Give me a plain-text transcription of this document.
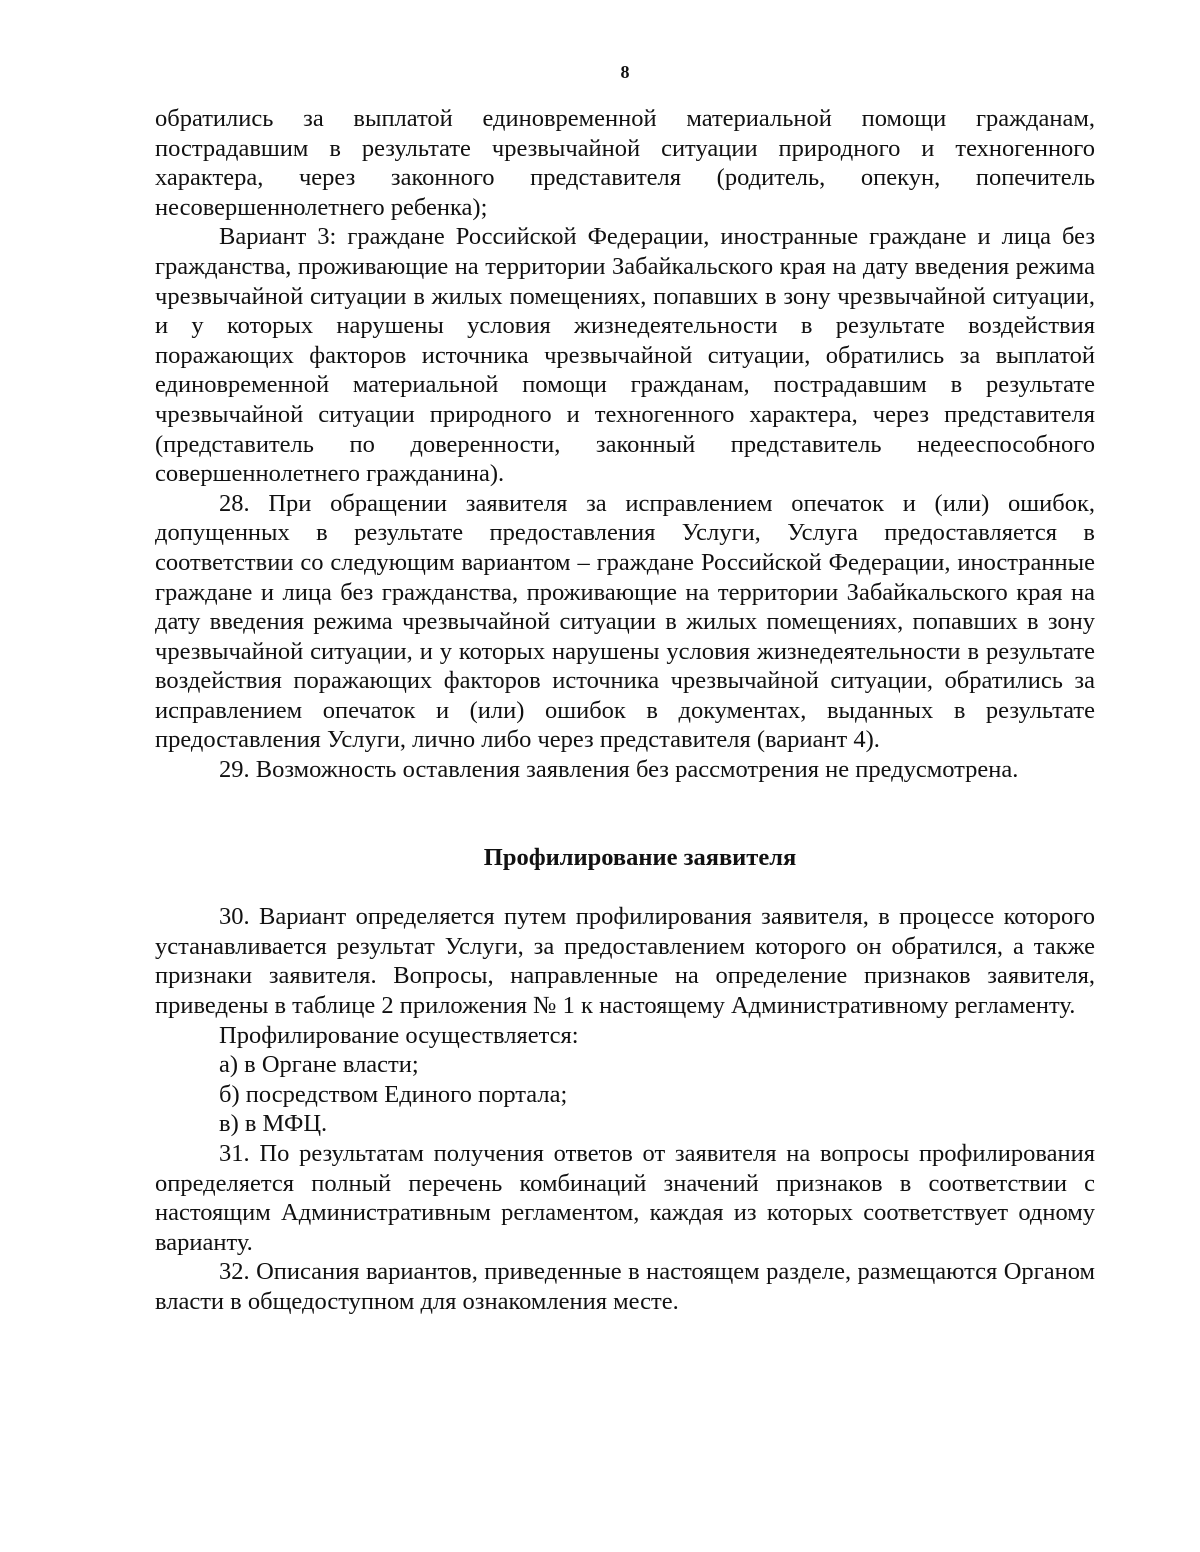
8

обратились за выплатой единовременной материальной помощи гражданам, пострадавшим в результате чрезвычайной ситуации природного и техногенного характера, через законного представителя (родитель, опекун, попечитель несовершеннолетнего ребенка);

Вариант 3: граждане Российской Федерации, иностранные граждане и лица без гражданства, проживающие на территории Забайкальского края на дату введения режима чрезвычайной ситуации в жилых помещениях, попавших в зону чрезвычайной ситуации, и у которых нарушены условия жизнедеятельности в результате воздействия поражающих факторов источника чрезвычайной ситуации, обратились за выплатой единовременной материальной помощи гражданам, пострадавшим в результате чрезвычайной ситуации природного и техногенного характера, через представителя (представитель по доверенности, законный представитель недееспособного совершеннолетнего гражданина).

28. При обращении заявителя за исправлением опечаток и (или) ошибок, допущенных в результате предоставления Услуги, Услуга предоставляется в соответствии со следующим вариантом – граждане Российской Федерации, иностранные граждане и лица без гражданства, проживающие на территории Забайкальского края на дату введения режима чрезвычайной ситуации в жилых помещениях, попавших в зону чрезвычайной ситуации, и у которых нарушены условия жизнедеятельности в результате воздействия поражающих факторов источника чрезвычайной ситуации, обратились за исправлением опечаток и (или) ошибок в документах, выданных в результате предоставления Услуги, лично либо через представителя (вариант 4).

29. Возможность оставления заявления без рассмотрения не предусмотрена.

Профилирование заявителя

30. Вариант определяется путем профилирования заявителя, в процессе которого устанавливается результат Услуги, за предоставлением которого он обратился, а также признаки заявителя. Вопросы, направленные на определение признаков заявителя, приведены в таблице 2 приложения № 1 к настоящему Административному регламенту.

Профилирование осуществляется:

а) в Органе власти;

б) посредством Единого портала;

в) в МФЦ.

31. По результатам получения ответов от заявителя на вопросы профилирования определяется полный перечень комбинаций значений признаков в соответствии с настоящим Административным регламентом, каждая из которых соответствует одному варианту.

32. Описания вариантов, приведенные в настоящем разделе, размещаются Органом власти в общедоступном для ознакомления месте.
